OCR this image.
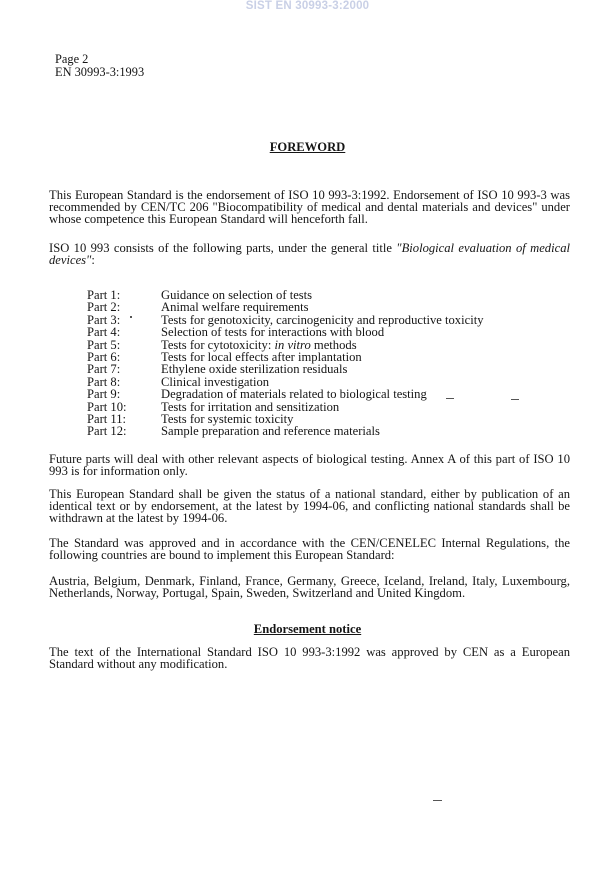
SIST EN 30993-3:2000
Page 2
EN 30993-3:1993
FOREWORD
This European Standard is the endorsement of ISO 10 993-3:1992. Endorsement of ISO 10 993-3 was recommended by CEN/TC 206 "Biocompatibility of medical and dental materials and devices" under whose competence this European Standard will henceforth fall.
ISO 10 993 consists of the following parts, under the general title "Biological evaluation of medical devices":
Part 1:	Guidance on selection of tests
Part 2:	Animal welfare requirements
Part 3:	Tests for genotoxicity, carcinogenicity and reproductive toxicity
Part 4:	Selection of tests for interactions with blood
Part 5:	Tests for cytotoxicity: in vitro methods
Part 6:	Tests for local effects after implantation
Part 7:	Ethylene oxide sterilization residuals
Part 8:	Clinical investigation
Part 9:	Degradation of materials related to biological testing
Part 10:	Tests for irritation and sensitization
Part 11:	Tests for systemic toxicity
Part 12:	Sample preparation and reference materials
Future parts will deal with other relevant aspects of biological testing. Annex A of this part of ISO 10 993 is for information only.
This European Standard shall be given the status of a national standard, either by publication of an identical text or by endorsement, at the latest by 1994-06, and conflicting national standards shall be withdrawn at the latest by 1994-06.
The Standard was approved and in accordance with the CEN/CENELEC Internal Regulations, the following countries are bound to implement this European Standard:
Austria, Belgium, Denmark, Finland, France, Germany, Greece, Iceland, Ireland, Italy, Luxembourg, Netherlands, Norway, Portugal, Spain, Sweden, Switzerland and United Kingdom.
Endorsement notice
The text of the International Standard ISO 10 993-3:1992 was approved by CEN as a European Standard without any modification.
